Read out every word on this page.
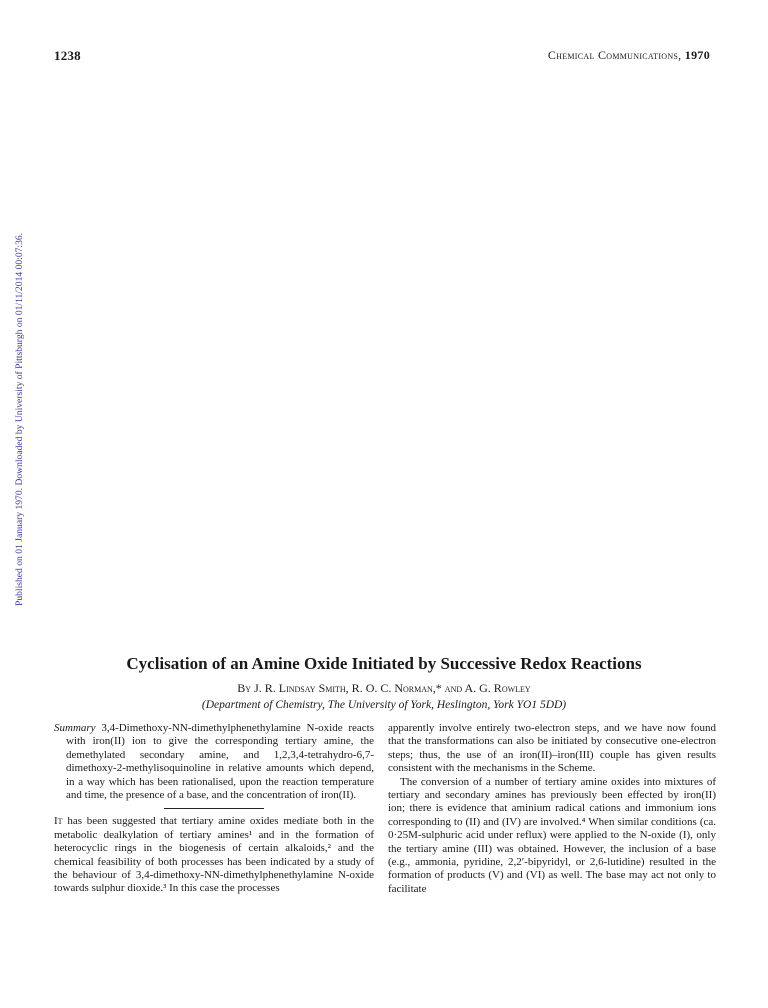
1238	Chemical Communications, 1970
Published on 01 January 1970. Downloaded by University of Pittsburgh on 01/11/2014 00:07:36.
Cyclisation of an Amine Oxide Initiated by Successive Redox Reactions
By J. R. Lindsay Smith, R. O. C. Norman,* and A. G. Rowley
(Department of Chemistry, The University of York, Heslington, York YO1 5DD)

Summary 3,4-Dimethoxy-NN-dimethylphenethylamine N-oxide reacts with iron(II) ion to give the corresponding tertiary amine, the demethylated secondary amine, and 1,2,3,4-tetrahydro-6,7-dimethoxy-2-methylisoquinoline in relative amounts which depend, in a way which has been rationalised, upon the reaction temperature and time, the presence of a base, and the concentration of iron(II).

It has been suggested that tertiary amine oxides mediate both in the metabolic dealkylation of tertiary amines¹ and in the formation of heterocyclic rings in the biogenesis of certain alkaloids,² and the chemical feasibility of both processes has been indicated by a study of the behaviour of 3,4-dimethoxy-NN-dimethylphenethylamine N-oxide towards sulphur dioxide.³ In this case the processes

apparently involve entirely two-electron steps, and we have now found that the transformations can also be initiated by consecutive one-electron steps; thus, the use of an iron(II)–iron(III) couple has given results consistent with the mechanisms in the Scheme.

The conversion of a number of tertiary amine oxides into mixtures of tertiary and secondary amines has previously been effected by iron(II) ion; there is evidence that aminium radical cations and immonium ions corresponding to (II) and (IV) are involved.⁴ When similar conditions (ca. 0·25M-sulphuric acid under reflux) were applied to the N-oxide (I), only the tertiary amine (III) was obtained. However, the inclusion of a base (e.g., ammonia, pyridine, 2,2′-bipyridyl, or 2,6-lutidine) resulted in the formation of products (V) and (VI) as well. The base may act not only to facilitate
